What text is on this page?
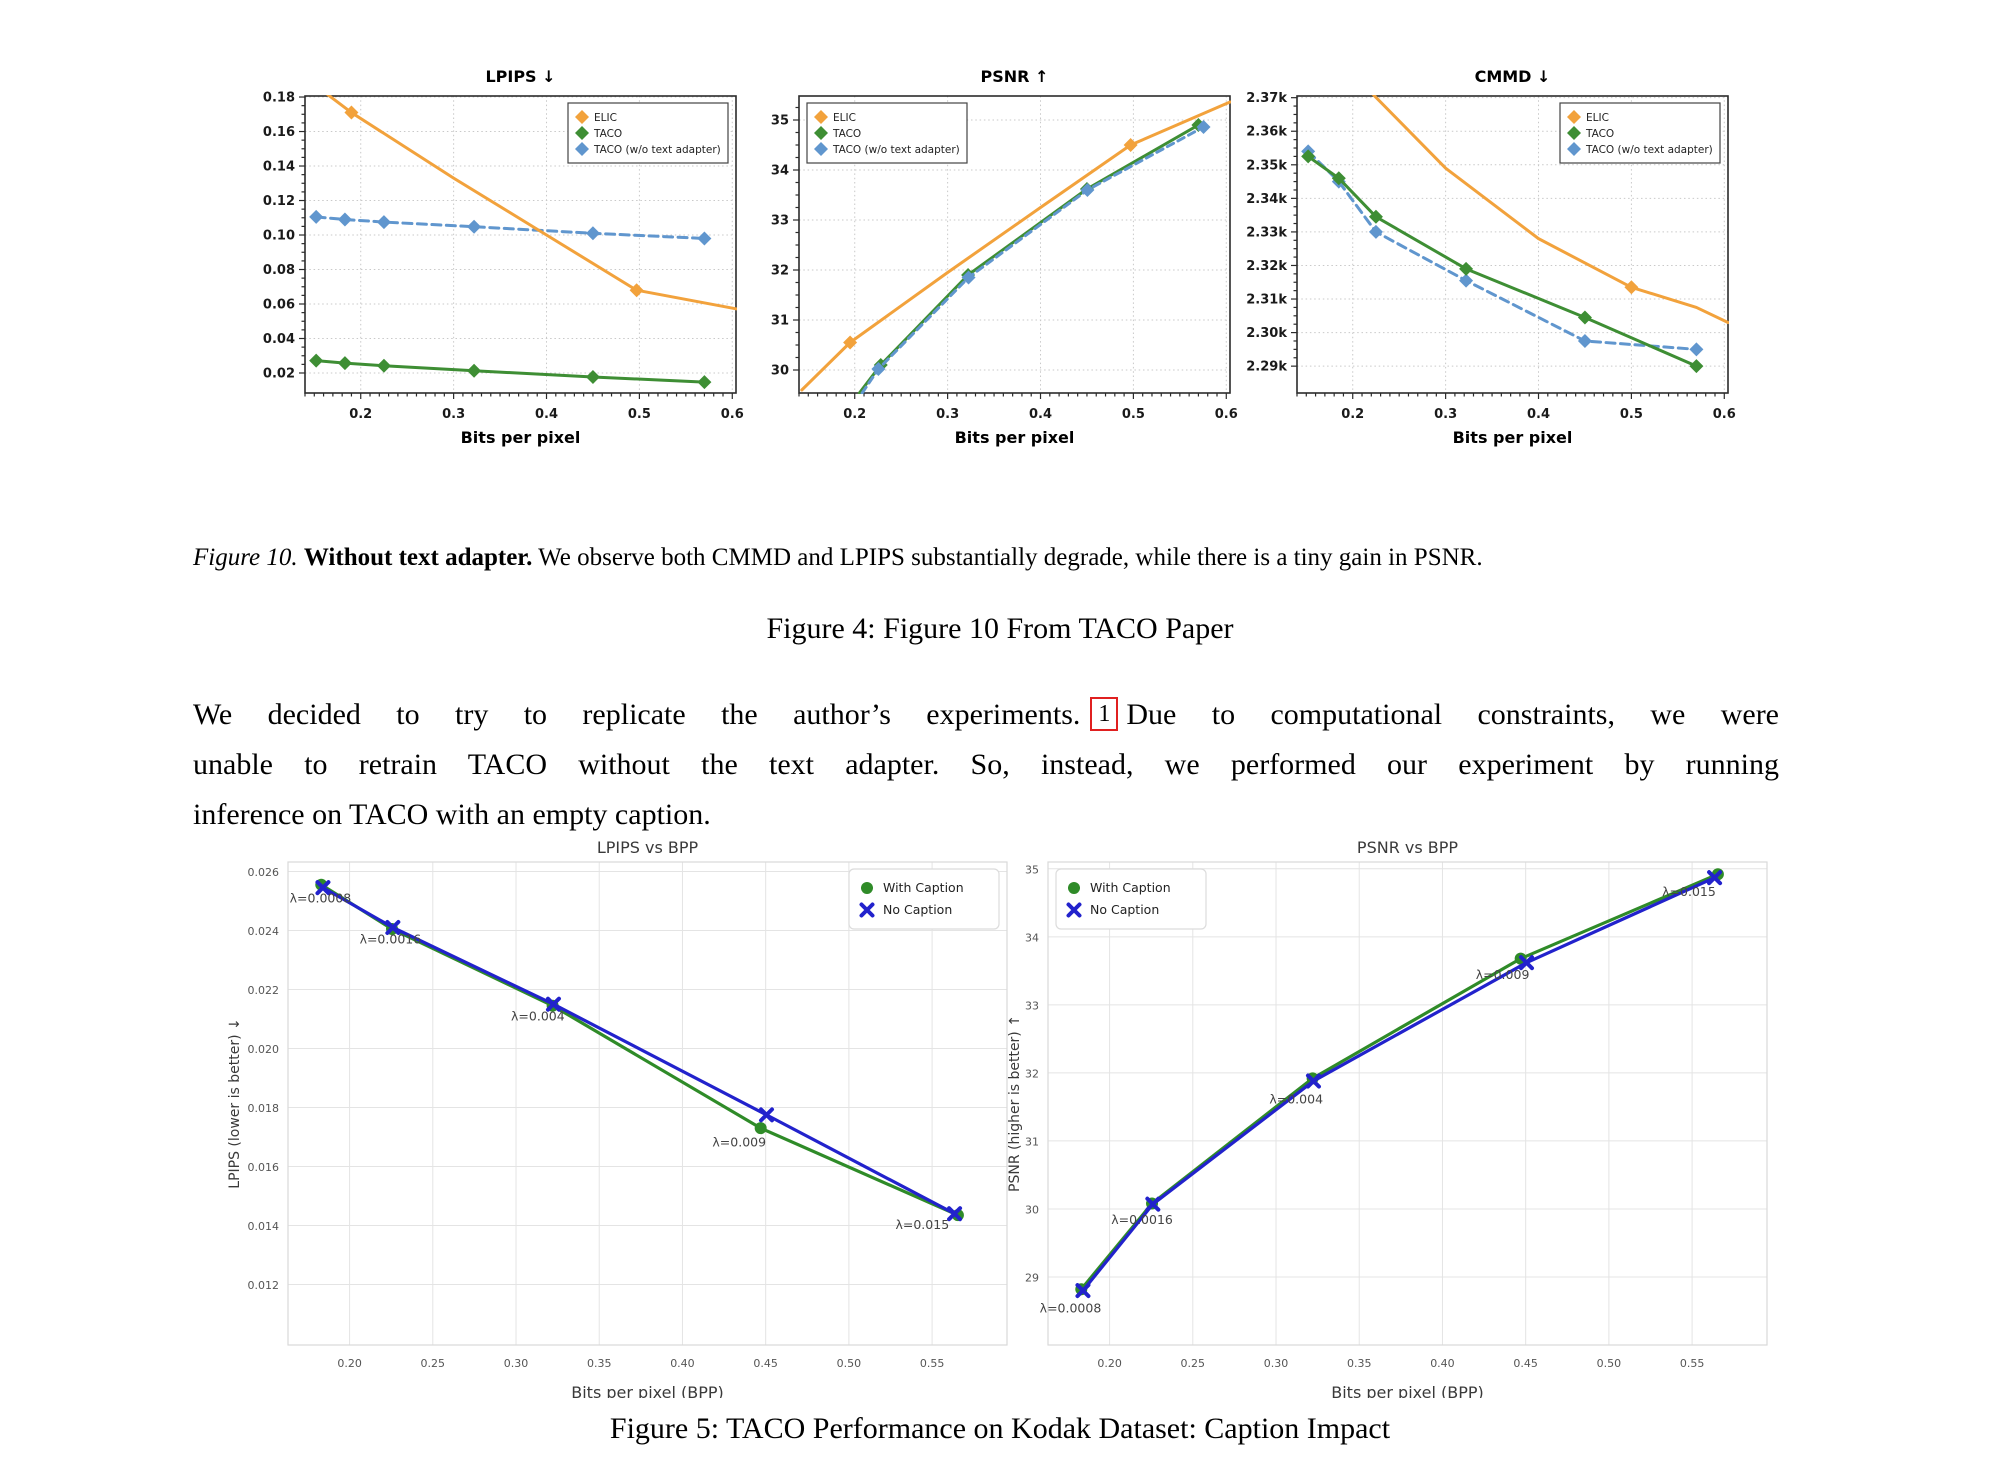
0.2	0.3	0.4	0.5	0.6
0.02
0.04
0.06
0.08
0.10
0.12
0.14
0.16
0.18
LPIPS ↓
Bits per pixel
ELIC
TACO
TACO (w/o text adapter)
0.2	0.3	0.4	0.5	0.6
30
31
32
33
34
35
PSNR ↑
Bits per pixel
ELIC
TACO
TACO (w/o text adapter)
0.2	0.3	0.4	0.5	0.6
2.29k
2.30k
2.31k
2.32k
2.33k
2.34k
2.35k
2.36k
2.37k
CMMD ↓
Bits per pixel
ELIC
TACO
TACO (w/o text adapter)

Figure 10. Without text adapter. We observe both CMMD and LPIPS substantially degrade, while there is a tiny gain in PSNR.

Figure 4: Figure 10 From TACO Paper
We decided to try to replicate the author’s experiments. 1 Due to computational constraints, we were
unable to retrain TACO without the text adapter. So, instead, we performed our experiment by running
inference on TACO with an empty caption.
0.20	0.25	0.30	0.35	0.40	0.45	0.50	0.55
0.012
0.014
0.016
0.018
0.020
0.022
0.024
0.026
LPIPS vs BPP
Bits per pixel (BPP)
LPIPS (lower is better) ↓
λ=0.0008
λ=0.0016
λ=0.004
λ=0.009
λ=0.015
With Caption
No Caption
0.20	0.25	0.30	0.35	0.40	0.45	0.50	0.55
29
30
31
32
33
34
35
PSNR vs BPP
Bits per pixel (BPP)
PSNR (higher is better) ↑
λ=0.0008
λ=0.0016
λ=0.004
λ=0.009
λ=0.015
With Caption
No Caption
Figure 5: TACO Performance on Kodak Dataset: Caption Impact
